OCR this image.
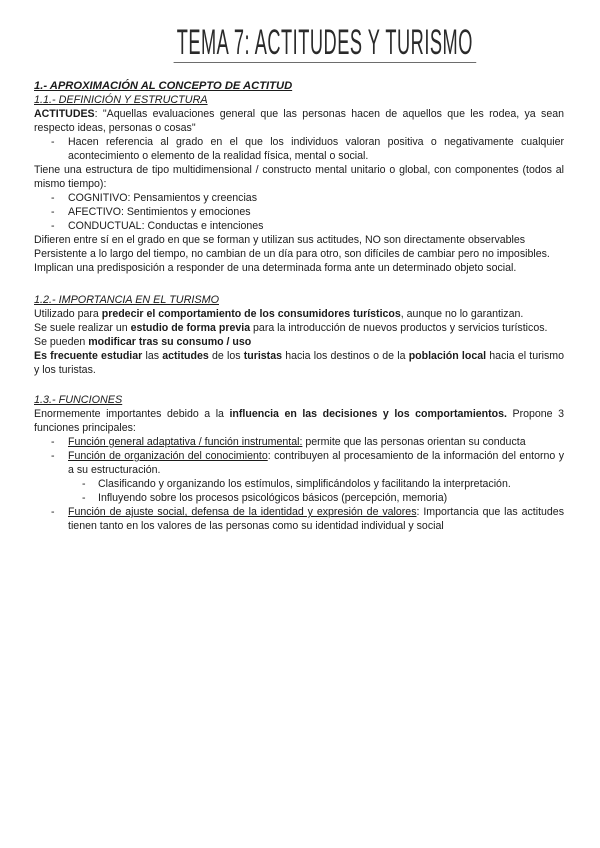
TEMA 7: ACTITUDES Y TURISMO

1.- APROXIMACIÓN AL CONCEPTO DE ACTITUD

1.1.- DEFINICIÓN Y ESTRUCTURA

ACTITUDES: "Aquellas evaluaciones general que las personas hacen de aquellos que les rodea, ya sean respecto ideas, personas o cosas"

-	Hacen referencia al grado en el que los individuos valoran positiva o negativamente cualquier acontecimiento o elemento de la realidad física, mental o social.

Tiene una estructura de tipo multidimensional / constructo mental unitario o global, con componentes (todos al mismo tiempo):

-	COGNITIVO: Pensamientos y creencias
-	AFECTIVO: Sentimientos y emociones
-	CONDUCTUAL: Conductas e intenciones

Difieren entre sí en el grado en que se forman y utilizan sus actitudes, NO son directamente observables

Persistente a lo largo del tiempo, no cambian de un día para otro, son difíciles de cambiar pero no imposibles.

Implican una predisposición a responder de una determinada forma ante un determinado objeto social.

1.2.- IMPORTANCIA EN EL TURISMO

Utilizado para predecir el comportamiento de los consumidores turísticos, aunque no lo garantizan.

Se suele realizar un estudio de forma previa para la introducción de nuevos productos y servicios turísticos.

Se pueden modificar tras su consumo / uso

Es frecuente estudiar las actitudes de los turistas hacia los destinos o de la población local hacia el turismo y los turistas.

1.3.- FUNCIONES

Enormemente importantes debido a la influencia en las decisiones y los comportamientos. Propone 3 funciones principales:

-	Función general adaptativa / función instrumental: permite que las personas orientan su conducta
-	Función de organización del conocimiento: contribuyen al procesamiento de la información del entorno y a su estructuración.
-	Clasificando y organizando los estímulos, simplificándolos y facilitando la interpretación.
-	Influyendo sobre los procesos psicológicos básicos (percepción, memoria)
-	Función de ajuste social, defensa de la identidad y expresión de valores: Importancia que las actitudes tienen tanto en los valores de las personas como su identidad individual y social
